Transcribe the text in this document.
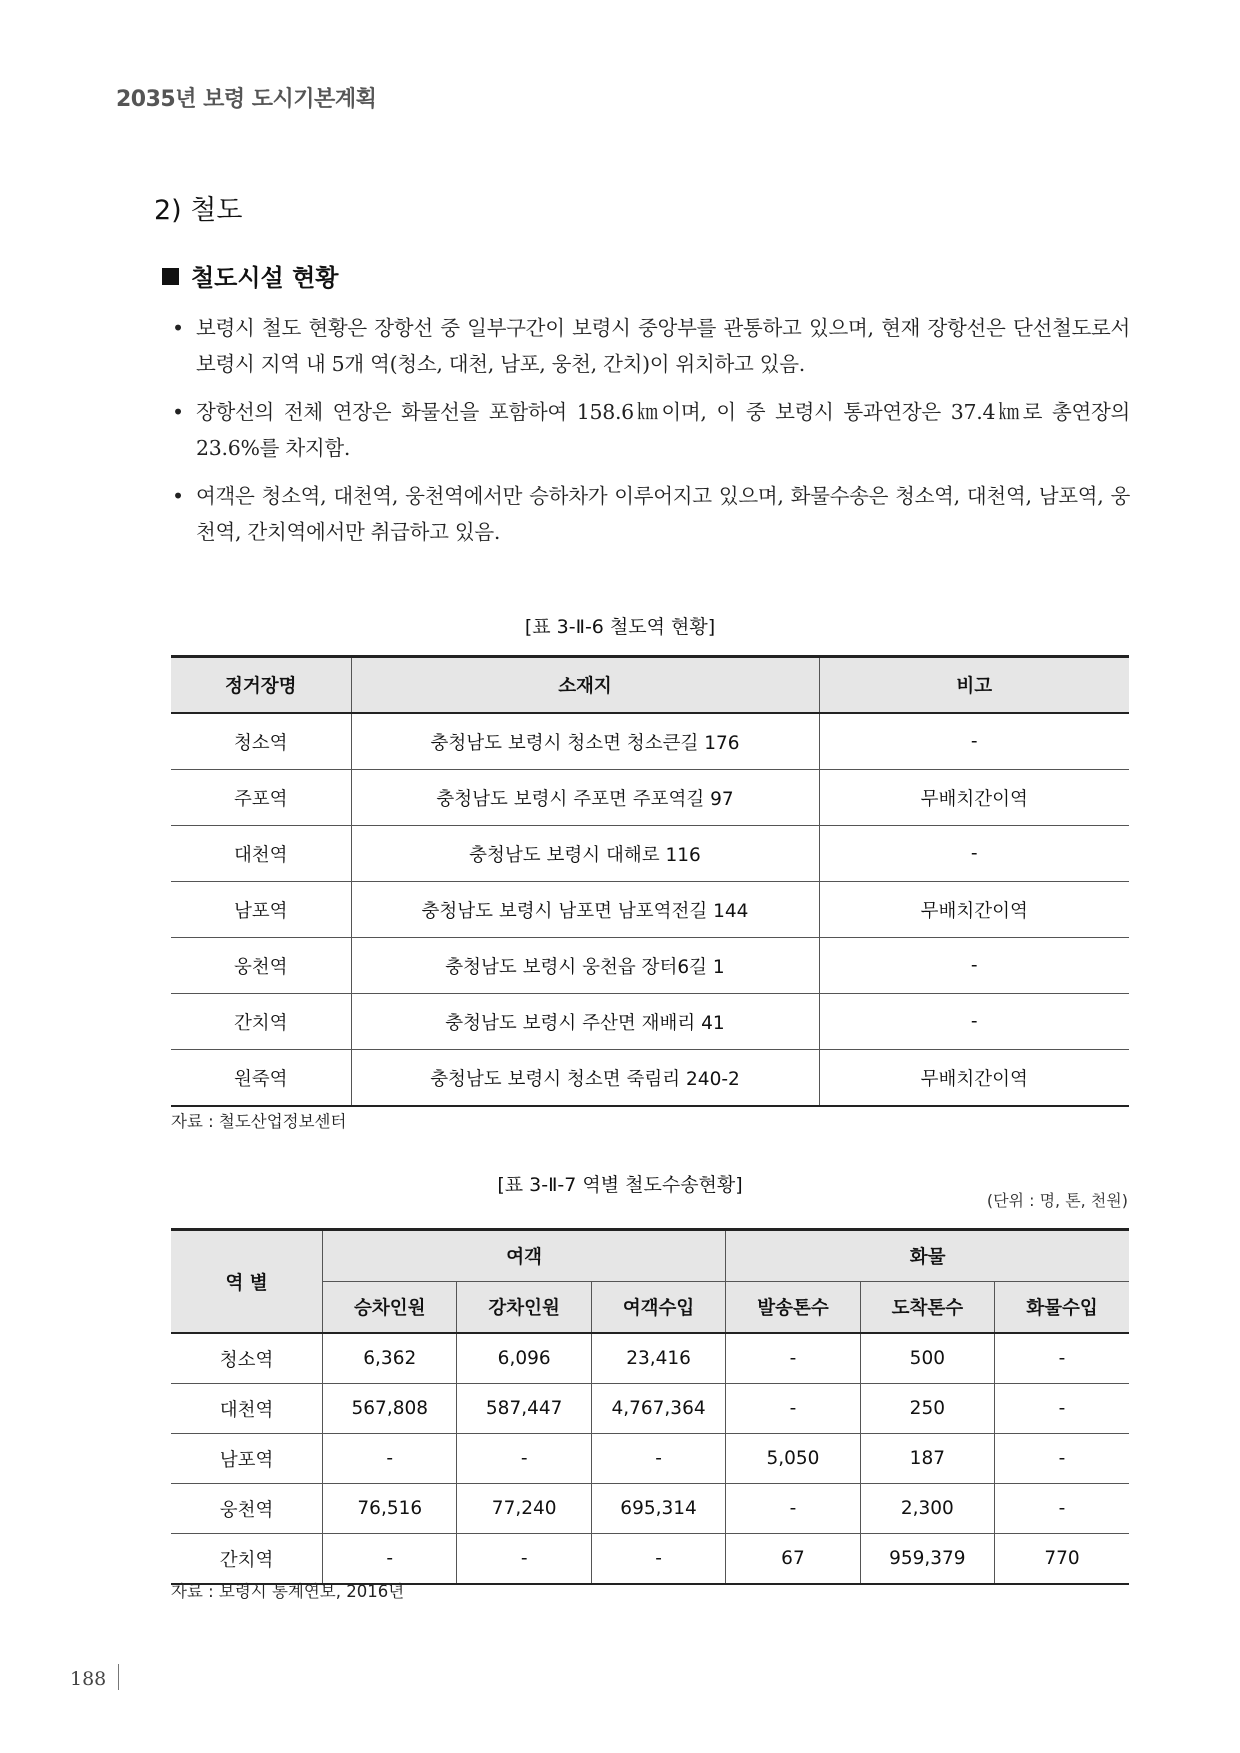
2035년 보령 도시기본계획
2) 철도
철도시설 현황
• 보령시 철도 현황은 장항선 중 일부구간이 보령시 중앙부를 관통하고 있으며, 현재 장항선은 단선철도로서 보령시 지역 내 5개 역(청소, 대천, 남포, 웅천, 간치)이 위치하고 있음.
• 장항선의 전체 연장은 화물선을 포함하여 158.6㎞이며, 이 중 보령시 통과연장은 37.4㎞로 총연장의 23.6%를 차지함.
• 여객은 청소역, 대천역, 웅천역에서만 승하차가 이루어지고 있으며, 화물수송은 청소역, 대천역, 남포역, 웅천역, 간치역에서만 취급하고 있음.
[표 3-Ⅱ-6 철도역 현황]
정거장명	소재지	비고
청소역	충청남도 보령시 청소면 청소큰길 176	-
주포역	충청남도 보령시 주포면 주포역길 97	무배치간이역
대천역	충청남도 보령시 대해로 116	-
남포역	충청남도 보령시 남포면 남포역전길 144	무배치간이역
웅천역	충청남도 보령시 웅천읍 장터6길 1	-
간치역	충청남도 보령시 주산면 재배리 41	-
원죽역	충청남도 보령시 청소면 죽림리 240-2	무배치간이역
자료 : 철도산업정보센터
[표 3-Ⅱ-7 역별 철도수송현황]
(단위 : 명, 톤, 천원)
역 별	여객			화물		
	승차인원	강차인원	여객수입	발송톤수	도착톤수	화물수입
청소역	6,362	6,096	23,416	-	500	-
대천역	567,808	587,447	4,767,364	-	250	-
남포역	-	-	-	5,050	187	-
웅천역	76,516	77,240	695,314	-	2,300	-
간치역	-	-	-	67	959,379	770
자료 : 보령시 통계연보, 2016년
188
